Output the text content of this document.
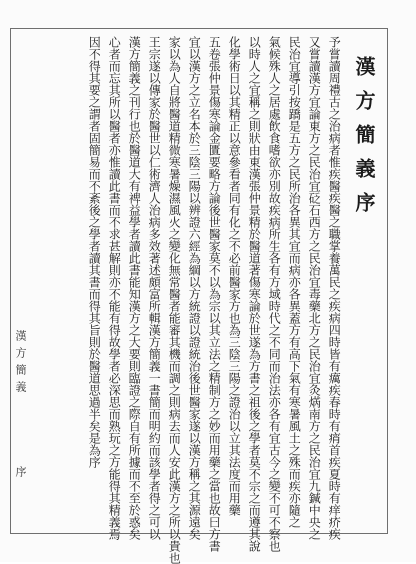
漢方簡義序
予嘗讀周禮古之治病者惟疾醫疾醫之職掌養萬民之疾病四時皆有癘疾春時有痟首疾夏時有痒疥疾
又嘗讀漢方宜論東方之民治宜砭石西方之民治宜毒藥北方之民治宜灸焫南方之民治宜九鍼中央之
民治宜導引按蹻是五方之民所治各異其宜而病亦各異蓋方有高下氣有寒暑風土之殊而疾亦隨之
氣候殊人之居處飲食嗜欲亦別故疾病所生各有方域時代之不同而治法亦各有宜古今之變不可不察也
以時人之宜稱之則狀由東漢張仲景精於醫道著傷寒論於世遂為方書之祖後之學者莫不宗之而遵其說
化學術日以其精正以意參看者同有化之不必前醫家方也為三陰三陽之證治以立其法度而用藥
五卷張仲景傷寒論金匱要略方論後世醫家莫不以為宗以其立法之精制方之妙而用藥之當也故曰方書
宜以漢方之立名本於三陰三陽以辨證六經為綱以方統證以證統治後世醫家遂以漢方稱之其源遠矣
家以為人自將醫道精微寒暑燥濕風火之變化無常醫者能審其機而調之則病去而人安此漢方之所以貴也
王宗遂以傳家於醫世以仁術濟人治病多效著述頗富所輯漢方簡義一書簡而明約而該學者得之可以
漢方簡義之刊行也於醫道大有裨益學者讀此書能知漢方之大要則臨證之際自有所據而不至於惑矣
心者而忘其所以醫者亦惟讀此書而不求甚解則亦不能有得故學者必深思而熟玩之方能得其精義焉
因不得其要之謂者固簡易而不紊後之學者讀其書而得其旨則於醫道思過半矣是為序
漢方簡義
序
